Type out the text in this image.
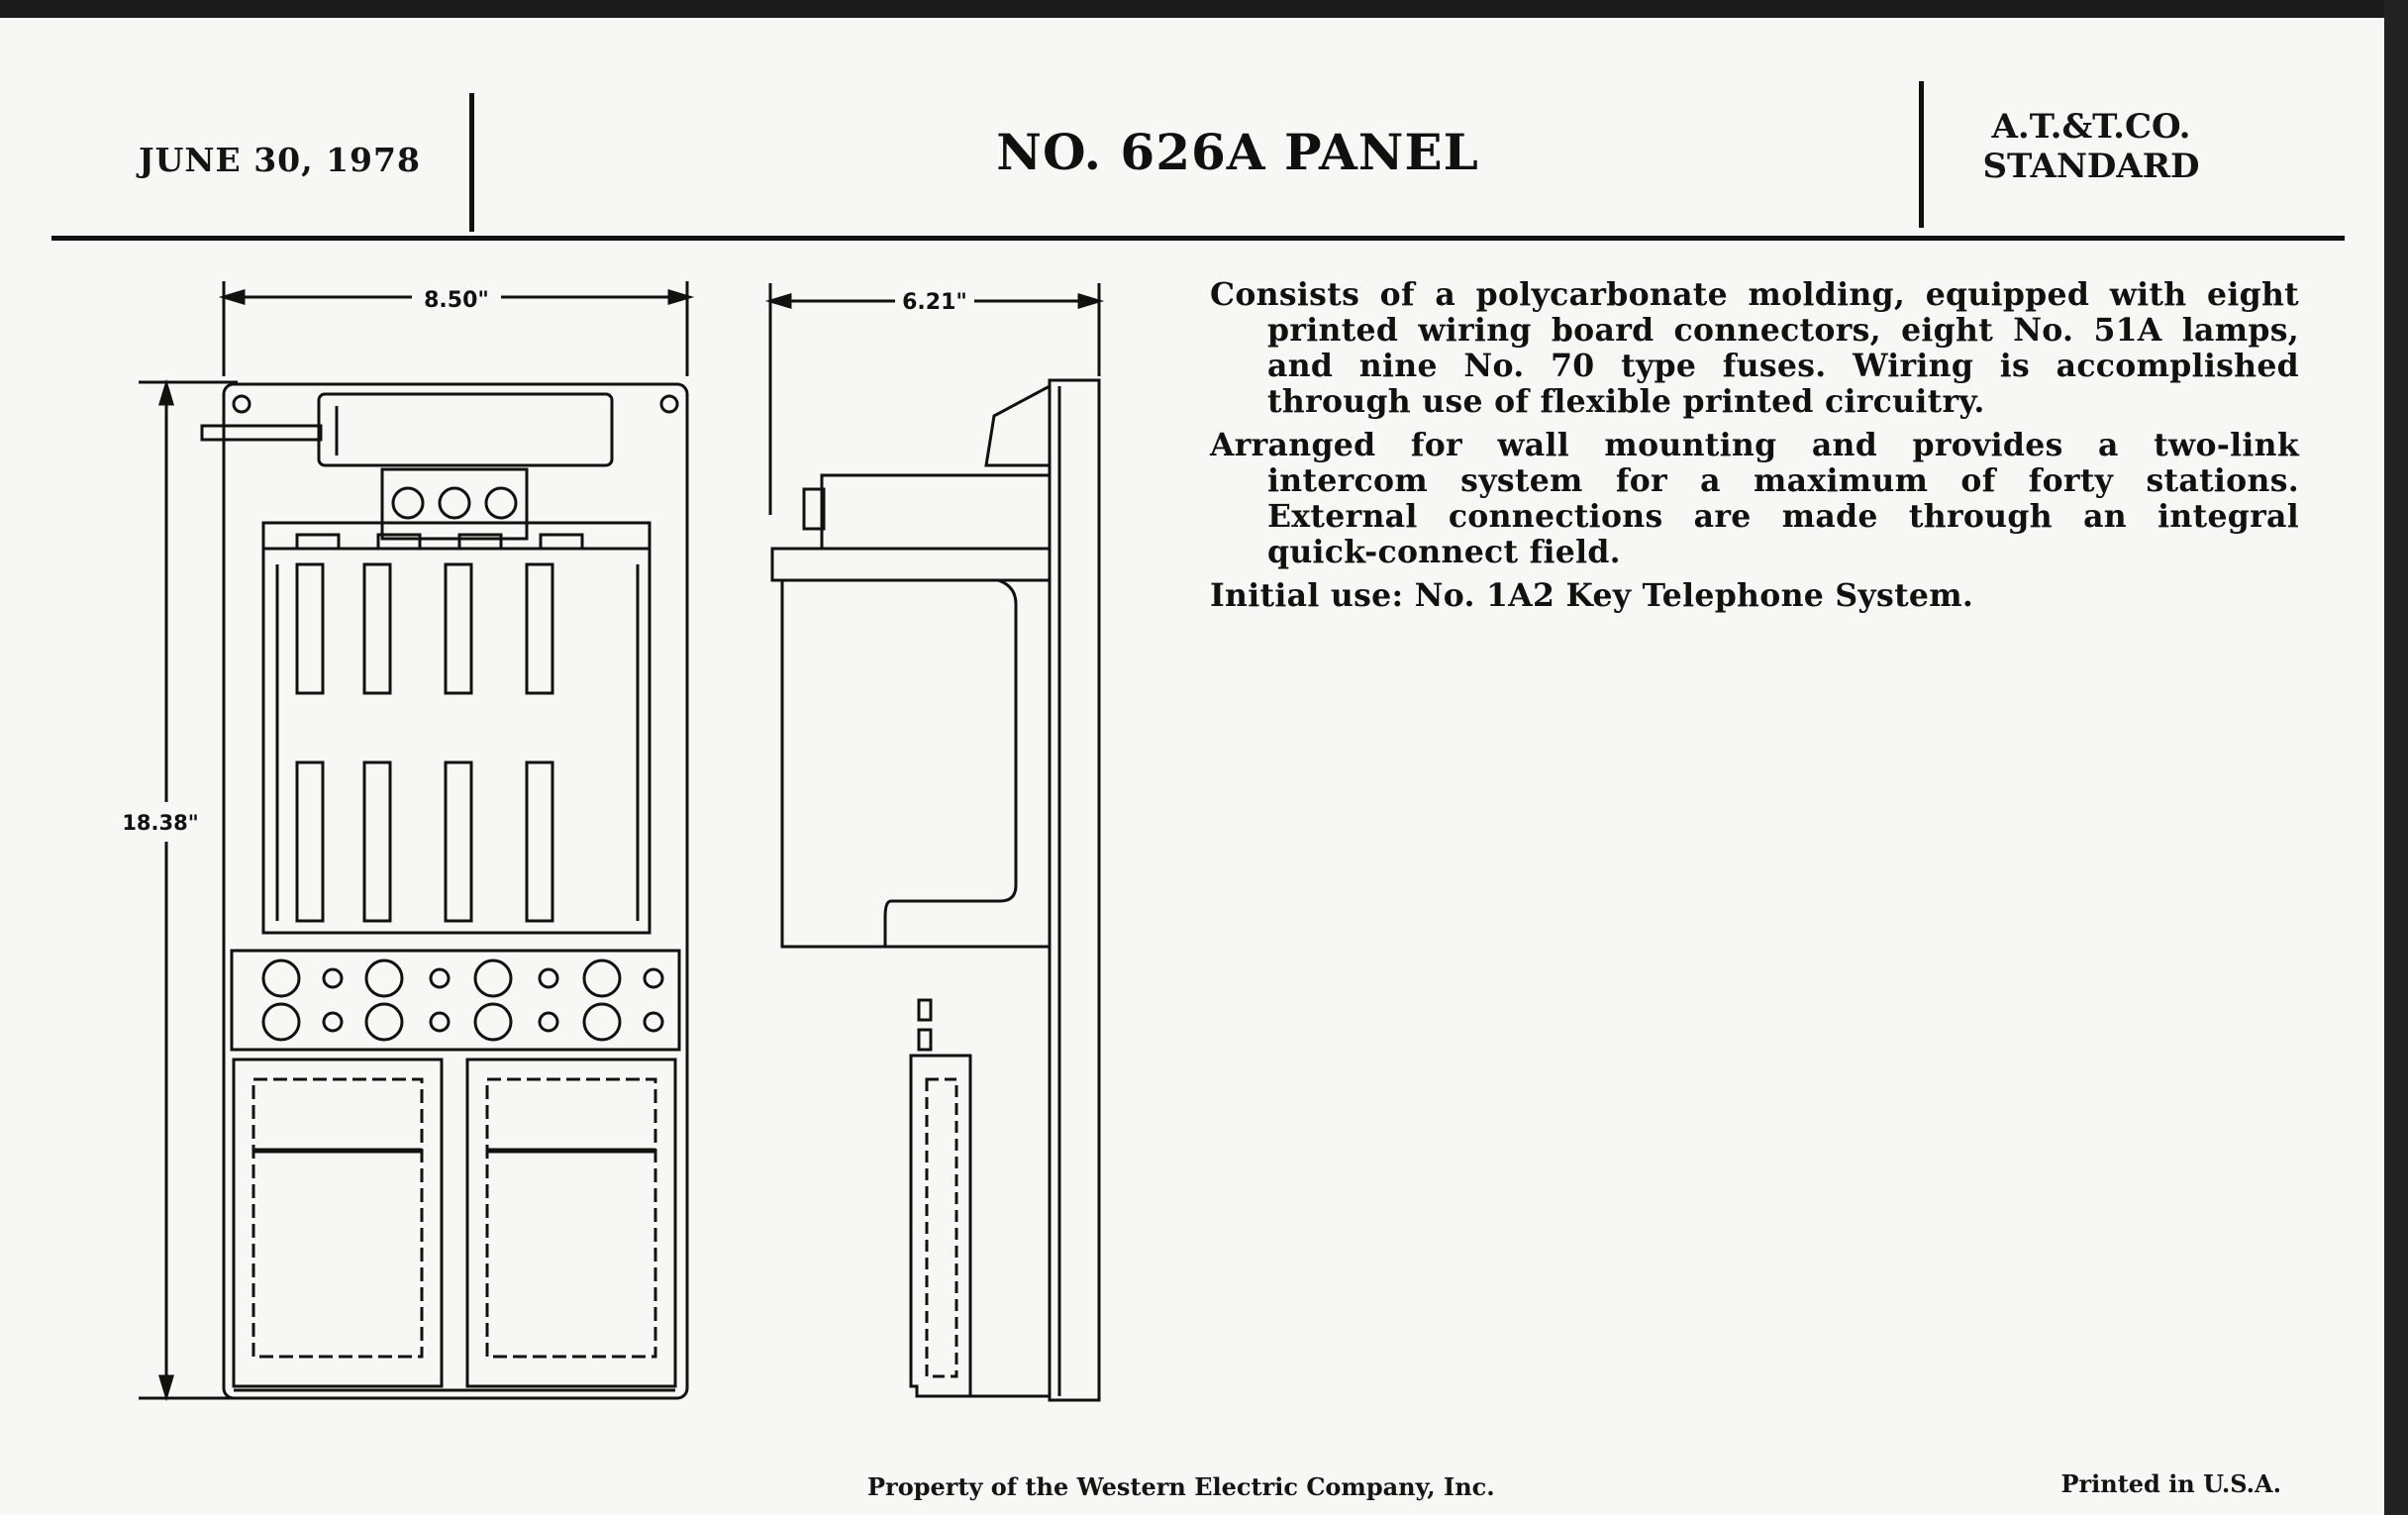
JUNE 30, 1978	NO. 626A PANEL	A.T.&T.CO.
STANDARD
8.50"
18.38"
6.21"	Consists of a polycarbonate molding, equipped with eight printed wiring board connectors, eight No. 51A lamps, and nine No. 70 type fuses. Wiring is accomplished through use of flexible printed circuitry.

Arranged for wall mounting and provides a two-link intercom system for a maximum of forty stations. External connections are made through an integral quick-connect field.

Initial use: No. 1A2 Key Telephone System.

Property of the Western Electric Company, Inc.	Printed in U.S.A.
